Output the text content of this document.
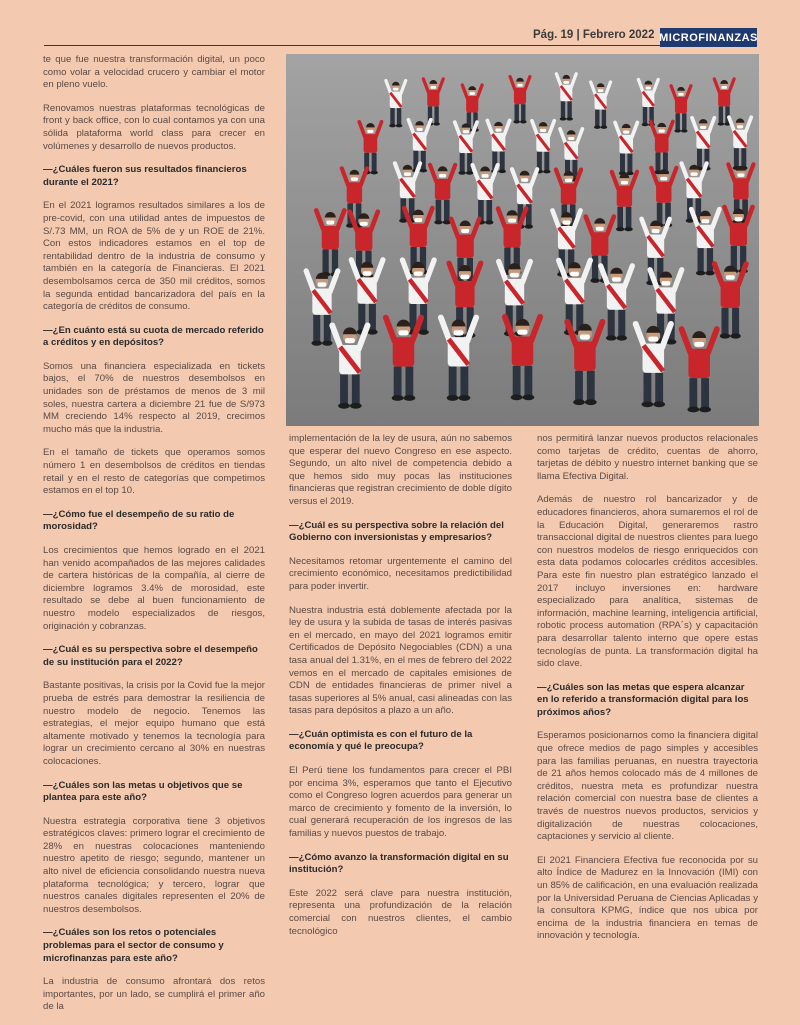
Pág. 19 | Febrero 2022 MICROFINANZAS

te que fue nuestra transformación digital, un poco como volar a velocidad crucero y cambiar el motor en pleno vuelo.

Renovamos nuestras plataformas tecnológicas de front y back office, con lo cual contamos ya con una sólida plataforma world class para crecer en volúmenes y desarrollo de nuevos productos.

—¿Cuáles fueron sus resultados financieros durante el 2021?

En el 2021 logramos resultados similares a los de pre-covid, con una utilidad antes de impuestos de S/.73 MM, un ROA de 5% de y un ROE de 21%. Con estos indicadores estamos en el top de rentabilidad dentro de la industria de consumo y también en la categoría de Financieras. El 2021 desembolsamos cerca de 350 mil créditos, somos la segunda entidad bancarizadora del país en la categoría de créditos de consumo.

—¿En cuánto está su cuota de mercado referido a créditos y en depósitos?

Somos una financiera especializada en tickets bajos, el 70% de nuestros desembolsos en unidades son de préstamos de menos de 3 mil soles, nuestra cartera a diciembre 21 fue de S/973 MM creciendo 14% respecto al 2019, crecimos mucho más que la industria.

En el tamaño de tickets que operamos somos número 1 en desembolsos de créditos en tiendas retail y en el resto de categorías que competimos estamos en el top 10.

—¿Cómo fue el desempeño de su ratio de morosidad?

Los crecimientos que hemos logrado en el 2021 han venido acompañados de las mejores calidades de cartera históricas de la compañía, al cierre de diciembre logramos 3.4% de morosidad, este resultado se debe al buen funcionamiento de nuestro modelo especializados de riesgos, originación y cobranzas.

—¿Cuál es su perspectiva sobre el desempeño de su institución para el 2022?

Bastante positivas, la crisis por la Covid fue la mejor prueba de estrés para demostrar la resiliencia de nuestro modelo de negocio. Tenemos las estrategias, el mejor equipo humano que está altamente motivado y tenemos la tecnología para lograr un crecimiento cercano al 30% en nuestras colocaciones.

—¿Cuáles son las metas u objetivos que se plantea para este año?

Nuestra estrategia corporativa tiene 3 objetivos estratégicos claves: primero lograr el crecimiento de 28% en nuestras colocaciones manteniendo nuestro apetito de riesgo; segundo, mantener un alto nivel de eficiencia consolidando nuestra nueva plataforma tecnológica; y tercero, lograr que nuestros canales digitales representen el 20% de nuestros desembolsos.

—¿Cuáles son los retos o potenciales problemas para el sector de consumo y microfinanzas para este año?

La industria de consumo afrontará dos retos importantes, por un lado, se cumplirá el primer año de la

implementación de la ley de usura, aún no sabemos que esperar del nuevo Congreso en ese aspecto. Segundo, un alto nivel de competencia debido a que hemos sido muy pocas las instituciones financieras que registran crecimiento de doble dígito versus el 2019.

—¿Cuál es su perspectiva sobre la relación del Gobierno con inversionistas y empresarios?

Necesitamos retomar urgentemente el camino del crecimiento económico, necesitamos predictibilidad para poder invertir.

Nuestra industria está doblemente afectada por la ley de usura y la subida de tasas de interés pasivas en el mercado, en mayo del 2021 logramos emitir Certificados de Depósito Negociables (CDN) a una tasa anual del 1.31%, en el mes de febrero del 2022 vemos en el mercado de capitales emisiones de CDN de entidades financieras de primer nivel a tasas superiores al 5% anual, casi alineadas con las tasas para depósitos a plazo a un año.

—¿Cuán optimista es con el futuro de la economía y qué le preocupa?

El Perú tiene los fundamentos para crecer el PBI por encima 3%, esperamos que tanto el Ejecutivo como el Congreso logren acuerdos para generar un marco de crecimiento y fomento de la inversión, lo cual generará recuperación de los ingresos de las familias y nuevos puestos de trabajo.

—¿Cómo avanzo la transformación digital en su institución?

Este 2022 será clave para nuestra institución, representa una profundización de la relación comercial con nuestros clientes, el cambio tecnológico

nos permitirá lanzar nuevos productos relacionales como tarjetas de crédito, cuentas de ahorro, tarjetas de débito y nuestro internet banking que se llama Efectiva Digital.

Además de nuestro rol bancarizador y de educadores financieros, ahora sumaremos el rol de la Educación Digital, generaremos rastro transaccional digital de nuestros clientes para luego con nuestros modelos de riesgo enriquecidos con esta data podamos colocarles créditos accesibles. Para este fin nuestro plan estratégico lanzado el 2017 incluyo inversiones en: hardware especializado para analítica, sistemas de información, machine learning, inteligencia artificial, robotic process automation (RPA´s) y capacitación para desarrollar talento interno que opere estas tecnologías de punta. La transformación digital ha sido clave.

—¿Cuáles son las metas que espera alcanzar en lo referido a transformación digital para los próximos años?

Esperamos posicionarnos como la financiera digital que ofrece medios de pago simples y accesibles para las familias peruanas, en nuestra trayectoria de 21 años hemos colocado más de 4 millones de créditos, nuestra meta es profundizar nuestra relación comercial con nuestra base de clientes a través de nuestros nuevos productos, servicios y digitalización de nuestras colocaciones, captaciones y servicio al cliente.

El 2021 Financiera Efectiva fue reconocida por su alto Índice de Madurez en la Innovación (IMI) con un 85% de calificación, en una evaluación realizada por la Universidad Peruana de Ciencias Aplicadas y la consultora KPMG, índice que nos ubica por encima de la industria financiera en temas de innovación y tecnología.
